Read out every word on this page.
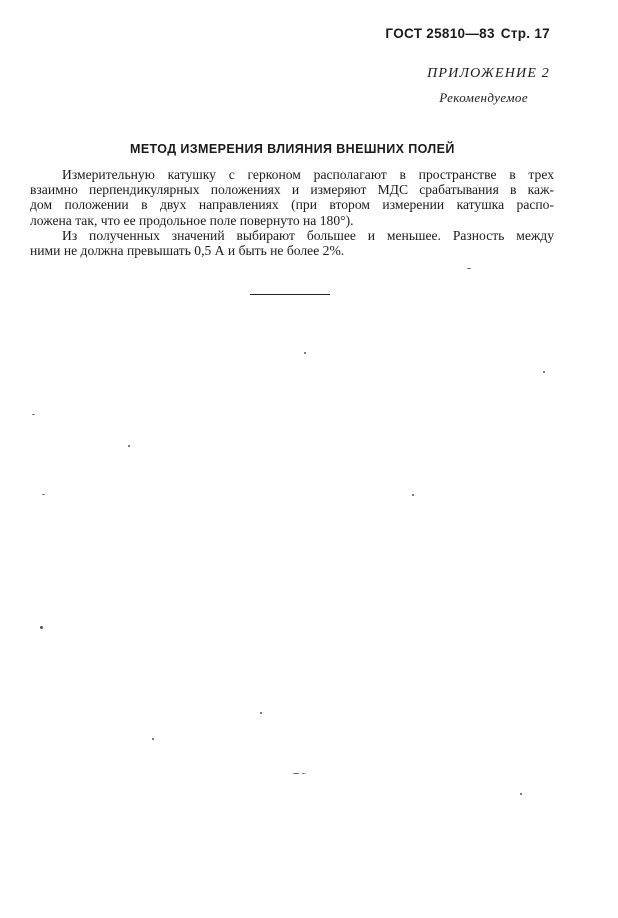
ГОСТ 25810—83 Стр. 17
ПРИЛОЖЕНИЕ 2
Рекомендуемое
МЕТОД ИЗМЕРЕНИЯ ВЛИЯНИЯ ВНЕШНИХ ПОЛЕЙ

Измерительную катушку с герконом располагают в пространстве в трех
взаимно перпендикулярных положениях и измеряют МДС срабатывания в каж-
дом положении в двух направлениях (при втором измерении катушка распо-
ложена так, что ее продольное поле повернуто на 180°).

Из полученных значений выбирают большее и меньшее. Разность между
ними не должна превышать 0,5 А и быть не более 2%.
